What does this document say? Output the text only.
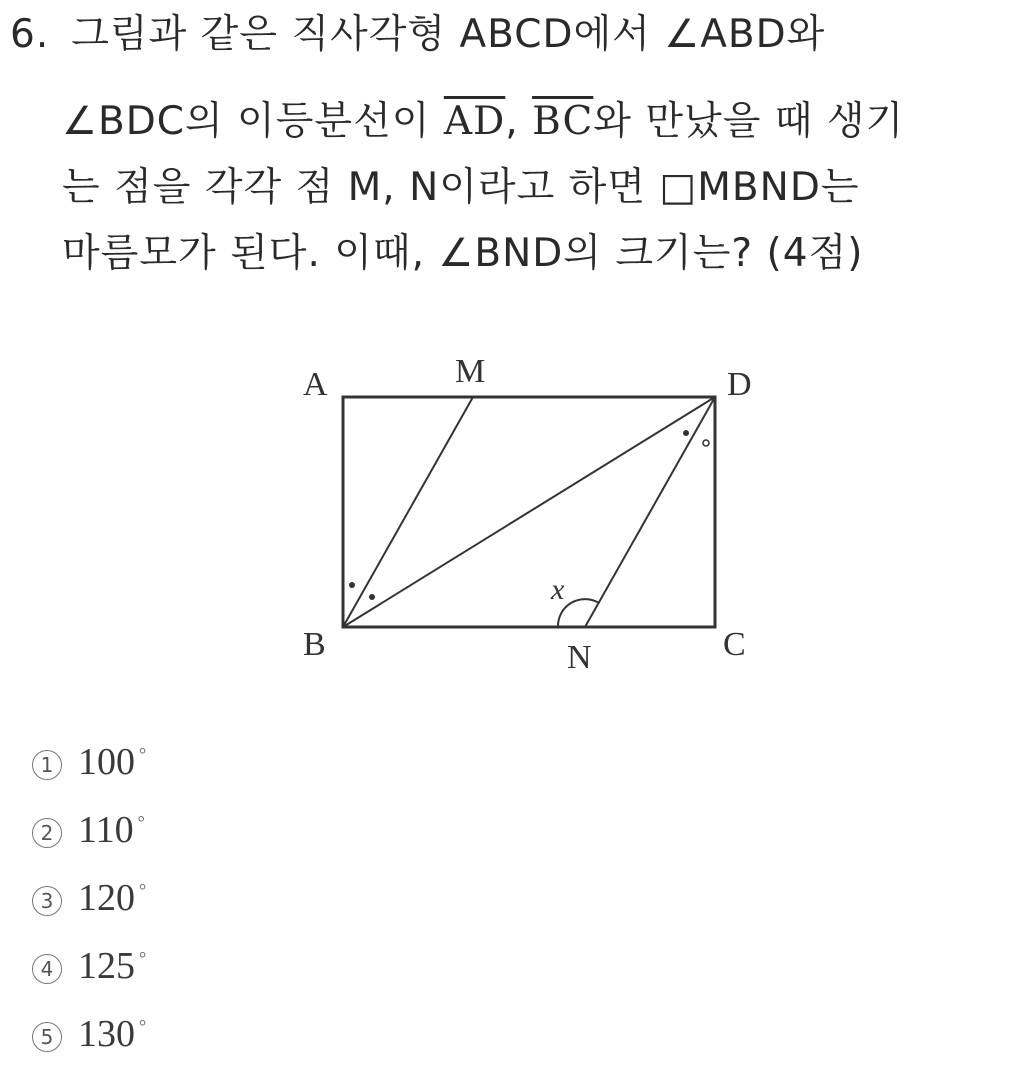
6. 그림과 같은 직사각형 ABCD에서 ∠ABD와
∠BDC의 이등분선이 $\overline{AD}$, $\overline{BC}$와 만났을 때 생기
는 점을 각각 점 M, N이라고 하면 □MBND는
마름모가 된다. 이때, ∠BND의 크기는? (4점)
A	M	D
B	N	C
x
1 100 °
2 110 °
3 120 °
4 125 °
5 130 °
